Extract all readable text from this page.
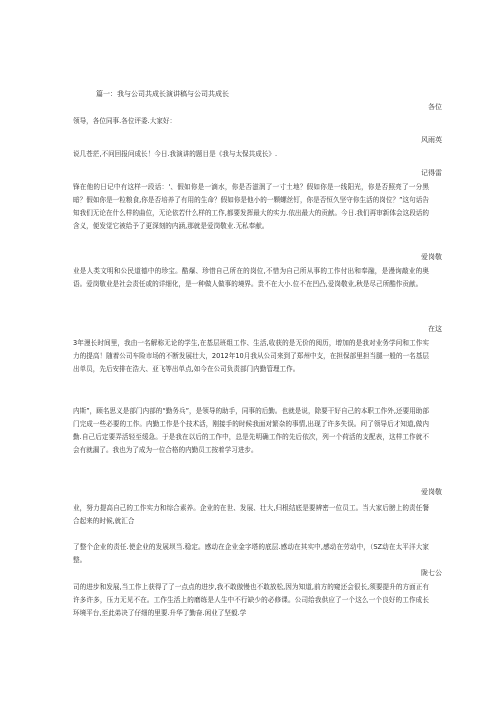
篇一：我与公司共成长演讲稿与公司共成长
各位
领导，各位同事.各位评委.大家好：
风雨英
说几苍茫,不问回报问成长！今日.我演讲的题目是《我与太保共成长》.
记得雷
锋在他的日记中有这样一段话：'、假如你是一滴水，你是否滋润了一寸土地？假如你是一线阳光，你是否照亮了一分黑暗？假如你是一粒粮食,你是否培养了有用的生命？假如你是他小的一颗螺丝钉，你是否恒久坚守你生活的岗位？”这句话告知我们无论在什么样的曲位，无论依若什么样的工作,都要发挥最大的实力.依出最大的贡献。今日.我们再审新体会这段话的含义，便发觉它被给予了更深刻的内涵,那就是爱岗敬业.无私奉献。
爱岗敬
业是人类文明和公民道德中的珍宝。酷爆、珍惜自己所在的岗位,不惜为自己所从事的工作付出和奉融，是漫询敲业的奥语。爱岗敬业是社会责任或的详细化，是一种做人做事的境界。贵不在大小.位不在凹凸,爱岗敬业,秋是尽己所酷作贡献。
在这
3年漫长时间里，我由一名解称无论的学生,在基层班组工作、生活,收获的是无价的阅历，增加的是我对业务学问和工作实力的提高！随着公司车险市场的不断发展壮大，2012年10月我从公司来到了郑州中支，在担保部里担当腿一般的一名基层出单员，先后安排在浩大、亚飞等出单点,如今在公司负责部门内勤管理工作。
内斯”，顾名思义是部门内部的“勤务兵”，是领导的助手，同事的后勤。也就是说，除要干好自己的本职工作外,还要用助部门完成一些必要的工作。内勤工作是个技术活，刚接手的时候我面对繁杂的事情,出现了许多失误。问了领导后才知道,做内勤.自己后定要弄活轻至缓急。于是我在以后的工作中，总是先明确工作的先后依次，列一个荷活的支配表，这样工作就不会有就漏了。我也为了成为一位合格的内勤员工按着学习进步。
爱岗敬
业，努力提高自己的工作实力和综合素养。企业的在世、发展、壮大,归根结底是要辨密一位员工。当大家后膀上的责任餐合起来的时候,就汇合
了整个企业的责任.使企业的发展坝当.稳定。感动在企业金字塔的底层.感动在其实中,感动在劳动中，（SZ动在太平洋大家整。
陇七公
司的进步和发展,当工作上获得了了一点点的进步,我不敢傲慢也不敢放松,因为知道,前方的窥还会很长,须要提升的方面正有许多许多，压力无见不在。工作生活上的磨练是人生中不行缺少的必修课。公司给我供应了一个这么一个良好的工作成长环境平台,至此弟决了仔细的里要.升华了勤奋.闲业了坚毅.学
